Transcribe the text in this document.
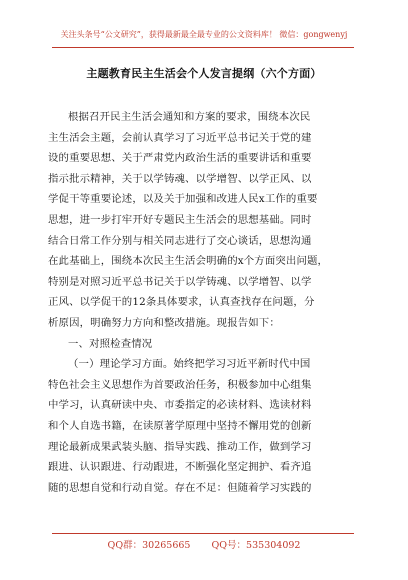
关注头条号“公文研究”，获得最新最全最专业的公文资料库！ 微信：gongwenyj
主题教育民主生活会个人发言提纲（六个方面）
根据召开民主生活会通知和方案的要求，围绕本次民
主生活会主题，会前认真学习了习近平总书记关于党的建
设的重要思想、关于严肃党内政治生活的重要讲话和重要
指示批示精神，关于以学铸魂、以学增智、以学正风、以
学促干等重要论述，以及关于加强和改进人民x工作的重要
思想，进一步打牢开好专题民主生活会的思想基础。同时
结合日常工作分别与相关同志进行了交心谈话，思想沟通
在此基础上，围绕本次民主生活会明确的x个方面突出问题，
特别是对照习近平总书记关于以学铸魂、以学增智、以学
正风、以学促干的12条具体要求，认真查找存在问题，分
析原因，明确努力方向和整改措施。现报告如下：
一、对照检查情况
（一）理论学习方面。始终把学习习近平新时代中国
特色社会主义思想作为首要政治任务，积极参加中心组集
中学习，认真研读中央、市委指定的必读材料、选读材料
和个人自选书籍，在读原著学原理中坚持不懈用党的创新
理论最新成果武装头脑、指导实践、推动工作，做到学习
跟进、认识跟进、行动跟进，不断强化坚定拥护、看齐追
随的思想自觉和行动自觉。存在不足：但随着学习实践的
QQ群：30265665 QQ号：535304092
